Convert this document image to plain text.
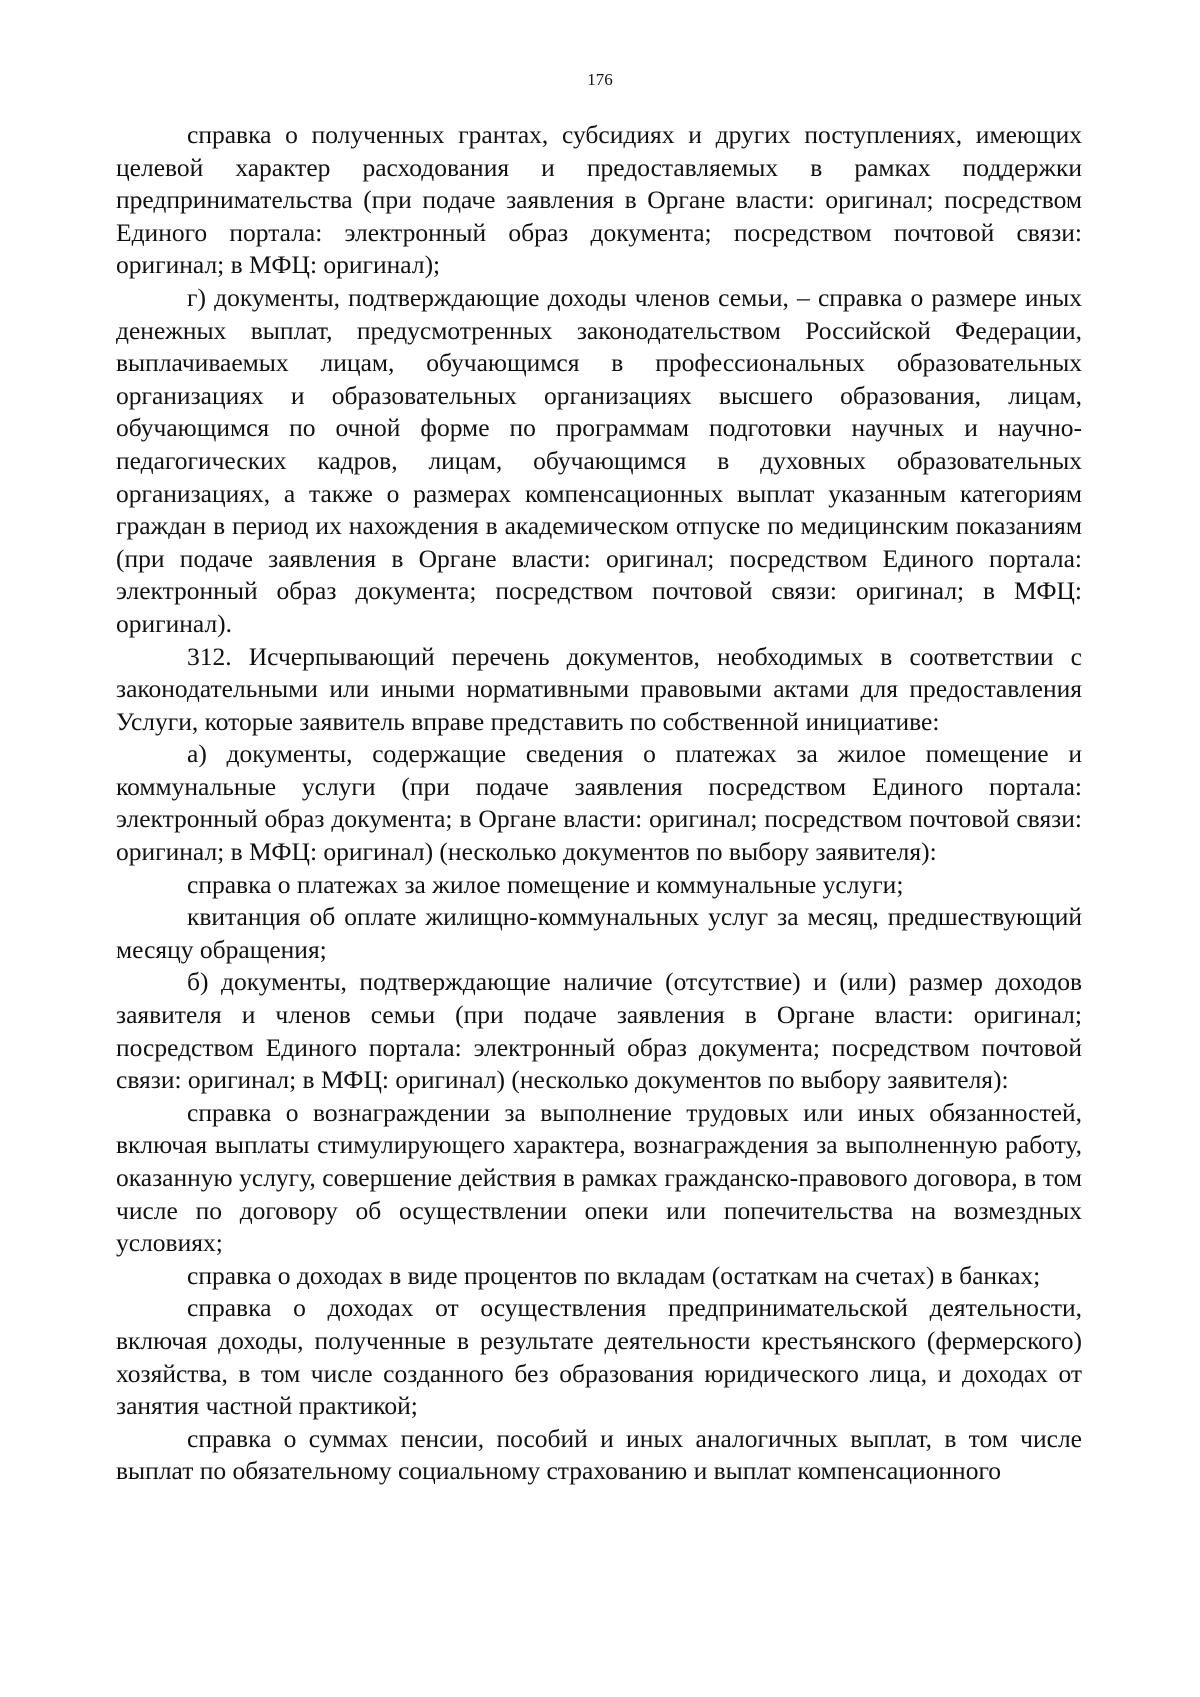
176

справка о полученных грантах, субсидиях и других поступлениях, имеющих целевой характер расходования и предоставляемых в рамках поддержки предпринимательства (при подаче заявления в Органе власти: оригинал; посредством Единого портала: электронный образ документа; посредством почтовой связи: оригинал; в МФЦ: оригинал);

г) документы, подтверждающие доходы членов семьи, – справка о размере иных денежных выплат, предусмотренных законодательством Российской Федерации, выплачиваемых лицам, обучающимся в профессиональных образовательных организациях и образовательных организациях высшего образования, лицам, обучающимся по очной форме по программам подготовки научных и научно-педагогических кадров, лицам, обучающимся в духовных образовательных организациях, а также о размерах компенсационных выплат указанным категориям граждан в период их нахождения в академическом отпуске по медицинским показаниям (при подаче заявления в Органе власти: оригинал; посредством Единого портала: электронный образ документа; посредством почтовой связи: оригинал; в МФЦ: оригинал).

312. Исчерпывающий перечень документов, необходимых в соответствии с законодательными или иными нормативными правовыми актами для предоставления Услуги, которые заявитель вправе представить по собственной инициативе:

а) документы, содержащие сведения о платежах за жилое помещение и коммунальные услуги (при подаче заявления посредством Единого портала: электронный образ документа; в Органе власти: оригинал; посредством почтовой связи: оригинал; в МФЦ: оригинал) (несколько документов по выбору заявителя):

справка о платежах за жилое помещение и коммунальные услуги;

квитанция об оплате жилищно-коммунальных услуг за месяц, предшествующий месяцу обращения;

б) документы, подтверждающие наличие (отсутствие) и (или) размер доходов заявителя и членов семьи (при подаче заявления в Органе власти: оригинал; посредством Единого портала: электронный образ документа; посредством почтовой связи: оригинал; в МФЦ: оригинал) (несколько документов по выбору заявителя):

справка о вознаграждении за выполнение трудовых или иных обязанностей, включая выплаты стимулирующего характера, вознаграждения за выполненную работу, оказанную услугу, совершение действия в рамках гражданско-правового договора, в том числе по договору об осуществлении опеки или попечительства на возмездных условиях;

справка о доходах в виде процентов по вкладам (остаткам на счетах) в банках;

справка о доходах от осуществления предпринимательской деятельности, включая доходы, полученные в результате деятельности крестьянского (фермерского) хозяйства, в том числе созданного без образования юридического лица, и доходах от занятия частной практикой;

справка о суммах пенсии, пособий и иных аналогичных выплат, в том числе выплат по обязательному социальному страхованию и выплат компенсационного
